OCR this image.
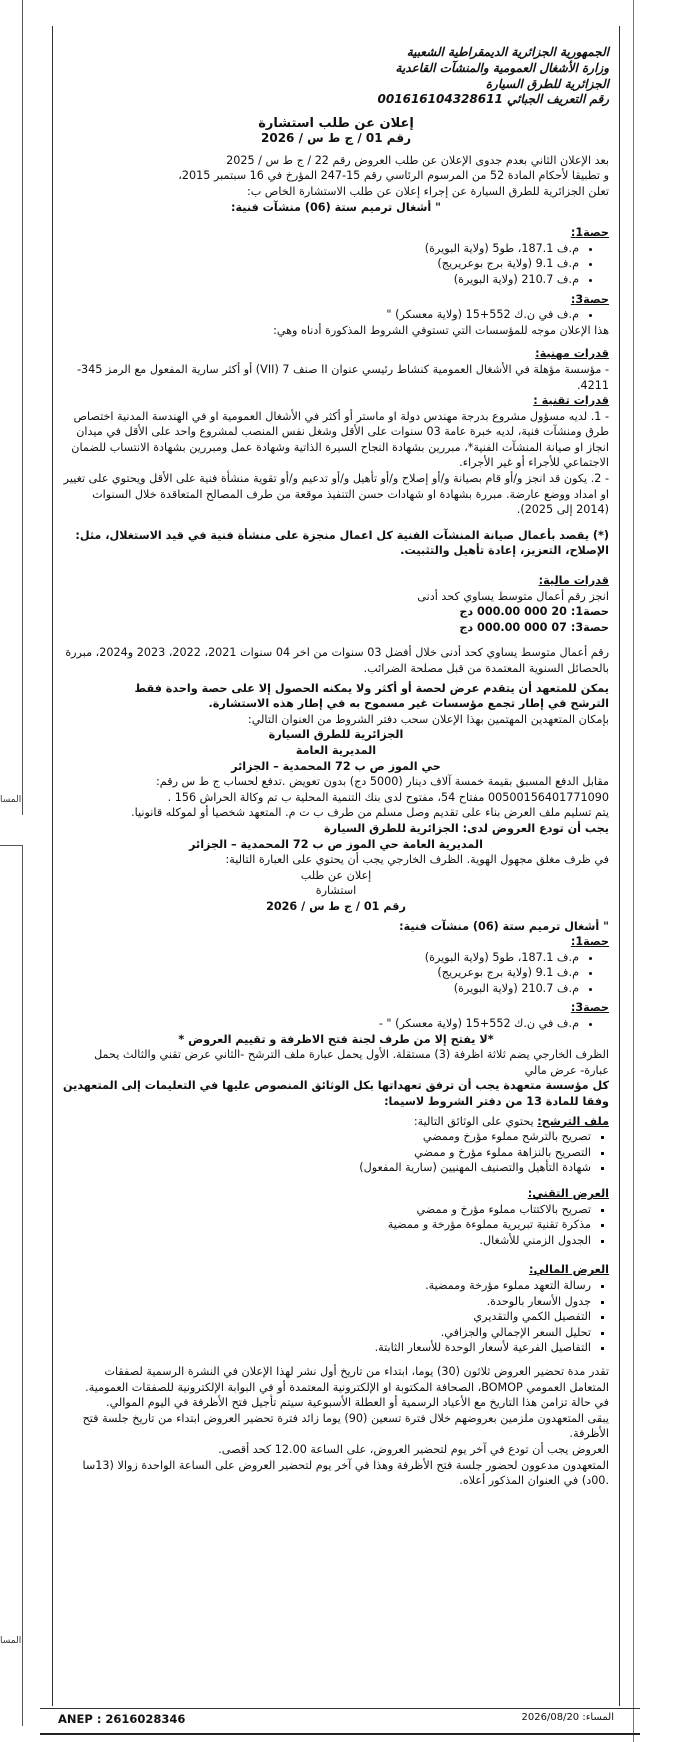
المسا
المسا

الجمهورية الجزائرية الديمقراطية الشعبية

وزارة الأشغال العمومية والمنشآت القاعدية

الجزائرية للطرق السيارة

رقم التعريف الجبائي 001616104328611

إعلان عن طلب استشارة

رقم 01 / ج ط س / 2026

بعد الإعلان الثاني بعدم جدوى الإعلان عن طلب العروض رقم 22 / ج ط س / 2025

و تطبيقا لأحكام المادة 52 من المرسوم الرئاسي رقم 15-247 المؤرخ في 16 سبتمبر 2015،

تعلن الجزائرية للطرق السيارة عن إجراء إعلان عن طلب الاستشارة الخاص ب:

" أشغال ترميم ستة (06) منشآت فنية:

حصة1:

• م.ف 187.1، طو5 (ولاية البويرة)
• م.ف 9.1 (ولاية برج بوعريريج)
• م.ف 210.7 (ولاية البويرة)

حصة3:

• م.ف في ن.ك 552+15 (ولاية معسكر) "

هذا الإعلان موجه للمؤسسات التي تستوفي الشروط المذكورة أدناه وهي:

قدرات مهنية:

- مؤسسة مؤهلة في الأشغال العمومية كنشاط رئيسي عنوان II صنف 7 (VII) أو أكثر سارية المفعول مع الرمز 345-4211.

قدرات تقنية :

- 1. لديه مسؤول مشروع بدرجة مهندس دولة او ماستر أو أكثر في الأشغال العمومية او في الهندسة المدنية اختصاص طرق ومنشآت فنية، لديه خبرة عامة 03 سنوات على الأقل وشغل نفس المنصب لمشروع واحد على الأقل في ميدان انجاز او صيانة المنشآت الفنية*، مبررين بشهادة النجاح السيرة الذاتية وشهادة عمل ومبررين بشهادة الانتساب للضمان الاجتماعي للأجراء أو غير الأجراء.

- 2. يكون قد انجز و/أو قام بصيانة و/أو إصلاح و/أو تأهيل و/أو تدعيم و/أو تقوية منشأة فنية على الأقل ويحتوي على تغيير او امداد ووضع عارضة. مبررة بشهادة او شهادات حسن التنفيذ موقعة من طرف المصالح المتعاقدة خلال السنوات (2014 إلى 2025).

(*) يقصد بأعمال صيانة المنشآت الفنية كل اعمال منجزة على منشأة فنية في قيد الاستغلال، مثل: الإصلاح، التعزيز، إعادة تأهيل والتثبيت.

قدرات مالية:

انجز رقم أعمال متوسط يساوي كحد أدنى

حصة1: 20 000 000.00 دج

حصة3: 07 000 000.00 دج

رقم أعمال متوسط يساوي كحد أدنى خلال أفضل 03 سنوات من اخر 04 سنوات 2021، 2022، 2023 و2024، مبررة بالحصائل السنوية المعتمدة من قبل مصلحة الضرائب.

يمكن للمتعهد أن يتقدم عرض لحصة أو أكثر ولا يمكنه الحصول إلا على حصة واحدة فقط

الترشح في إطار تجمع مؤسسات غير مسموح به في إطار هذه الاستشارة.

بإمكان المتعهدين المهتمين بهذا الإعلان سحب دفتر الشروط من العنوان التالي:

الجزائرية للطرق السيارة

المديرية العامة

حي الموز ص ب 72 المحمدية – الجزائر

مقابل الدفع المسبق بقيمة خمسة آلاف دينار (5000 دج) بدون تعويض .تدفع لحساب ج ط س رقم: 00500156401771090 مفتاح 54، مفتوح لدى بنك التنمية المحلية ب تم وكالة الحراش 156 .

يتم تسليم ملف العرض بناء على تقديم وصل مسلم من طرف ب ت م. المتعهد شخصيا أو لموكله قانونيا.

يجب أن تودع العروض لدى: الجزائرية للطرق السيارة

المديرية العامة حي الموز ص ب 72 المحمدية – الجزائر

في ظرف مغلق مجهول الهوية. الظرف الخارجي يجب أن يحتوي على العبارة التالية:

إعلان عن طلب

استشارة

رقم 01 / ج ط س / 2026

" أشغال ترميم ستة (06) منشآت فنية:

حصة1:

• م.ف 187.1، طو5 (ولاية البويرة)
• م.ف 9.1 (ولاية برج بوعريريج)
• م.ف 210.7 (ولاية البويرة)

حصة3:

• م.ف في ن.ك 552+15 (ولاية معسكر) " -

*لا يفتح إلا من طرف لجنة فتح الاظرفة و تقييم العروض *

الظرف الخارجي يضم ثلاثة اظرفة (3) مستقلة. الأول يحمل عبارة ملف الترشح -الثاني عرض تقني والثالث يحمل عبارة- عرض مالي

كل مؤسسة متعهدة يجب أن ترفق تعهداتها بكل الوثائق المنصوص عليها في التعليمات إلى المتعهدين وفقا للمادة 13 من دفتر الشروط لاسيما:

ملف الترشح: يحتوي على الوثائق التالية:

▪ تصريح بالترشح مملوء مؤرخ وممضي
▪ التصريح بالنزاهة مملوء مؤرخ و ممضي
▪ شهادة التأهيل والتصنيف المهنيين (سارية المفعول)

العرض التقني:

▪ تصريح بالاكتتاب مملوء مؤرخ و ممضي
▪ مذكرة تقنية تبريرية مملوءة مؤرخة و ممضية
▪ الجدول الزمني للأشغال.

العرض المالي:

▪ رسالة التعهد مملوء مؤرخة وممضية.
▪ جدول الأسعار بالوحدة.
▪ التفصيل الكمي والتقديري
▪ تحليل السعر الإجمالي والجزافي.
▪ التفاصيل الفرعية لأسعار الوحدة للأسعار الثابتة.

تقدر مدة تحضير العروض ثلاثون (30) يوما، ابتداء من تاريخ أول نشر لهذا الإعلان في النشرة الرسمية لصفقات المتعامل العمومي BOMOP، الصحافة المكتوبة او الإلكترونية المعتمدة أو في البوابة الإلكترونية للصفقات العمومية.

في حالة تزامن هذا التاريخ مع الأعياد الرسمية أو العطلة الأسبوعية سيتم تأجيل فتح الأظرفة في اليوم الموالي.

يبقى المتعهدون ملزمين بعروضهم خلال فترة تسعين (90) يوما زائد فترة تحضير العروض ابتداء من تاريخ جلسة فتح الأظرفة.

العروض يجب أن تودع في آخر يوم لتحضير العروض، على الساعة 12.00 كحد أقصى.

المتعهدون مدعوون لحضور جلسة فتح الأظرفة وهذا في آخر يوم لتحضير العروض على الساعة الواحدة زوالا (13سا .00د) في العنوان المذكور أعلاه.

ANEP : 2616028346	المساء: 2026/08/20
